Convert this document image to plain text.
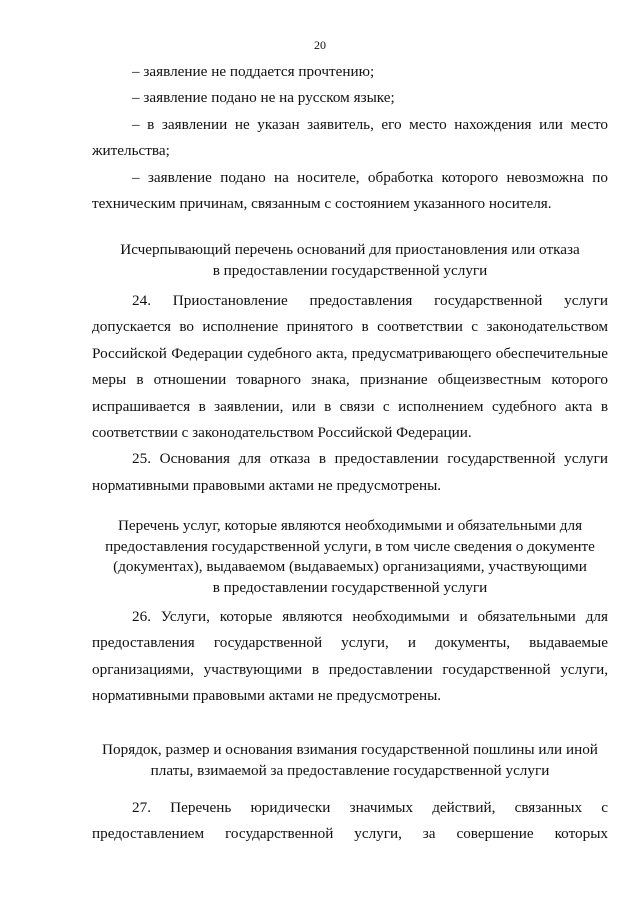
20

– заявление не поддается прочтению;

– заявление подано не на русском языке;

– в заявлении не указан заявитель, его место нахождения или место жительства;

– заявление подано на носителе, обработка которого невозможна по техническим причинам, связанным с состоянием указанного носителя.

Исчерпывающий перечень оснований для приостановления или отказа
в предоставлении государственной услуги

24. Приостановление предоставления государственной услуги допускается во исполнение принятого в соответствии с законодательством Российской Федерации судебного акта, предусматривающего обеспечительные меры в отношении товарного знака, признание общеизвестным которого испрашивается в заявлении, или в связи с исполнением судебного акта в соответствии с законодательством Российской Федерации.

25. Основания для отказа в предоставлении государственной услуги нормативными правовыми актами не предусмотрены.

Перечень услуг, которые являются необходимыми и обязательными для
предоставления государственной услуги, в том числе сведения о документе
(документах), выдаваемом (выдаваемых) организациями, участвующими
в предоставлении государственной услуги

26. Услуги, которые являются необходимыми и обязательными для предоставления государственной услуги, и документы, выдаваемые организациями, участвующими в предоставлении государственной услуги, нормативными правовыми актами не предусмотрены.

Порядок, размер и основания взимания государственной пошлины или иной
платы, взимаемой за предоставление государственной услуги

27. Перечень юридически значимых действий, связанных с предоставлением государственной услуги, за совершение которых
